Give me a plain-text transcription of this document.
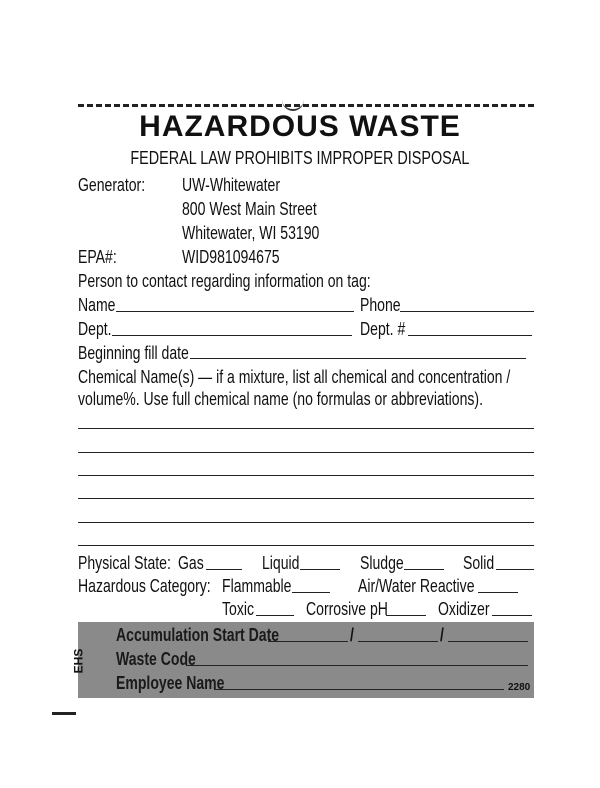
HAZARDOUS WASTE
FEDERAL LAW PROHIBITS IMPROPER DISPOSAL
Generator: UW-Whitewater
800 West Main Street
Whitewater, WI 53190
EPA#:	WID981094675
Person to contact regarding information on tag:
Name	Phone
Dept.	Dept. #
Beginning fill date
Chemical Name(s) — if a mixture, list all chemical and concentration /
volume%. Use full chemical name (no formulas or abbreviations).
Physical State: Gas	Liquid	Sludge	Solid
Hazardous Category: Flammable	Air/Water Reactive
Toxic	Corrosive pH	Oxidizer
EHS
Accumulation Start Date	/	/
Waste Code
Employee Name	2280
